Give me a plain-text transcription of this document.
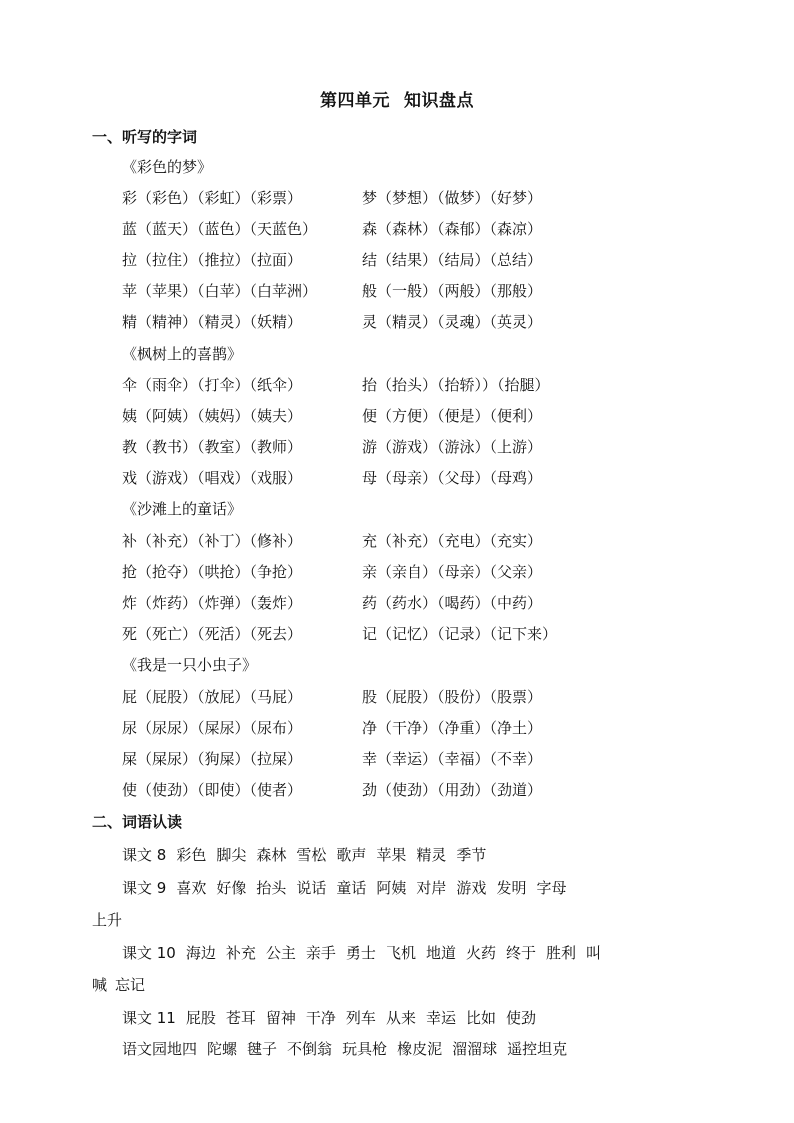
第四单元 知识盘点
一、听写的字词
《彩色的梦》
彩（彩色）（彩虹）（彩票）	梦（梦想）（做梦）（好梦）
蓝（蓝天）（蓝色）（天蓝色）	森（森林）（森郁）（森凉）
拉（拉住）（推拉）（拉面）	结（结果）（结局）（总结）
苹（苹果）（白苹）（白苹洲）	般（一般）（两般）（那般）
精（精神）（精灵）（妖精）	灵（精灵）（灵魂）（英灵）
《枫树上的喜鹊》
伞（雨伞）（打伞）（纸伞）	抬（抬头）（抬轿））（抬腿）
姨（阿姨）（姨妈）（姨夫）	便（方便）（便是）（便利）
教（教书）（教室）（教师）	游（游戏）（游泳）（上游）
戏（游戏）（唱戏）（戏服）	母（母亲）（父母）（母鸡）
《沙滩上的童话》
补（补充）（补丁）（修补）	充（补充）（充电）（充实）
抢（抢夺）（哄抢）（争抢）	亲（亲自）（母亲）（父亲）
炸（炸药）（炸弹）（轰炸）	药（药水）（喝药）（中药）
死（死亡）（死活）（死去）	记（记忆）（记录）（记下来）
《我是一只小虫子》
屁（屁股）（放屁）（马屁）	股（屁股）（股份）（股票）
尿（尿尿）（屎尿）（尿布）	净（干净）（净重）（净土）
屎（屎尿）（狗屎）（拉屎）	幸（幸运）（幸福）（不幸）
使（使劲）（即使）（使者）	劲（使劲）（用劲）（劲道）
二、词语认读
课文 8 彩色 脚尖 森林 雪松 歌声 苹果 精灵 季节
课文 9 喜欢 好像 抬头 说话 童话 阿姨 对岸 游戏 发明 字母
上升
课文 10 海边 补充 公主 亲手 勇士 飞机 地道 火药 终于 胜利 叫
喊 忘记
课文 11 屁股 苍耳 留神 干净 列车 从来 幸运 比如 使劲
语文园地四 陀螺 毽子 不倒翁 玩具枪 橡皮泥 溜溜球 遥控坦克
